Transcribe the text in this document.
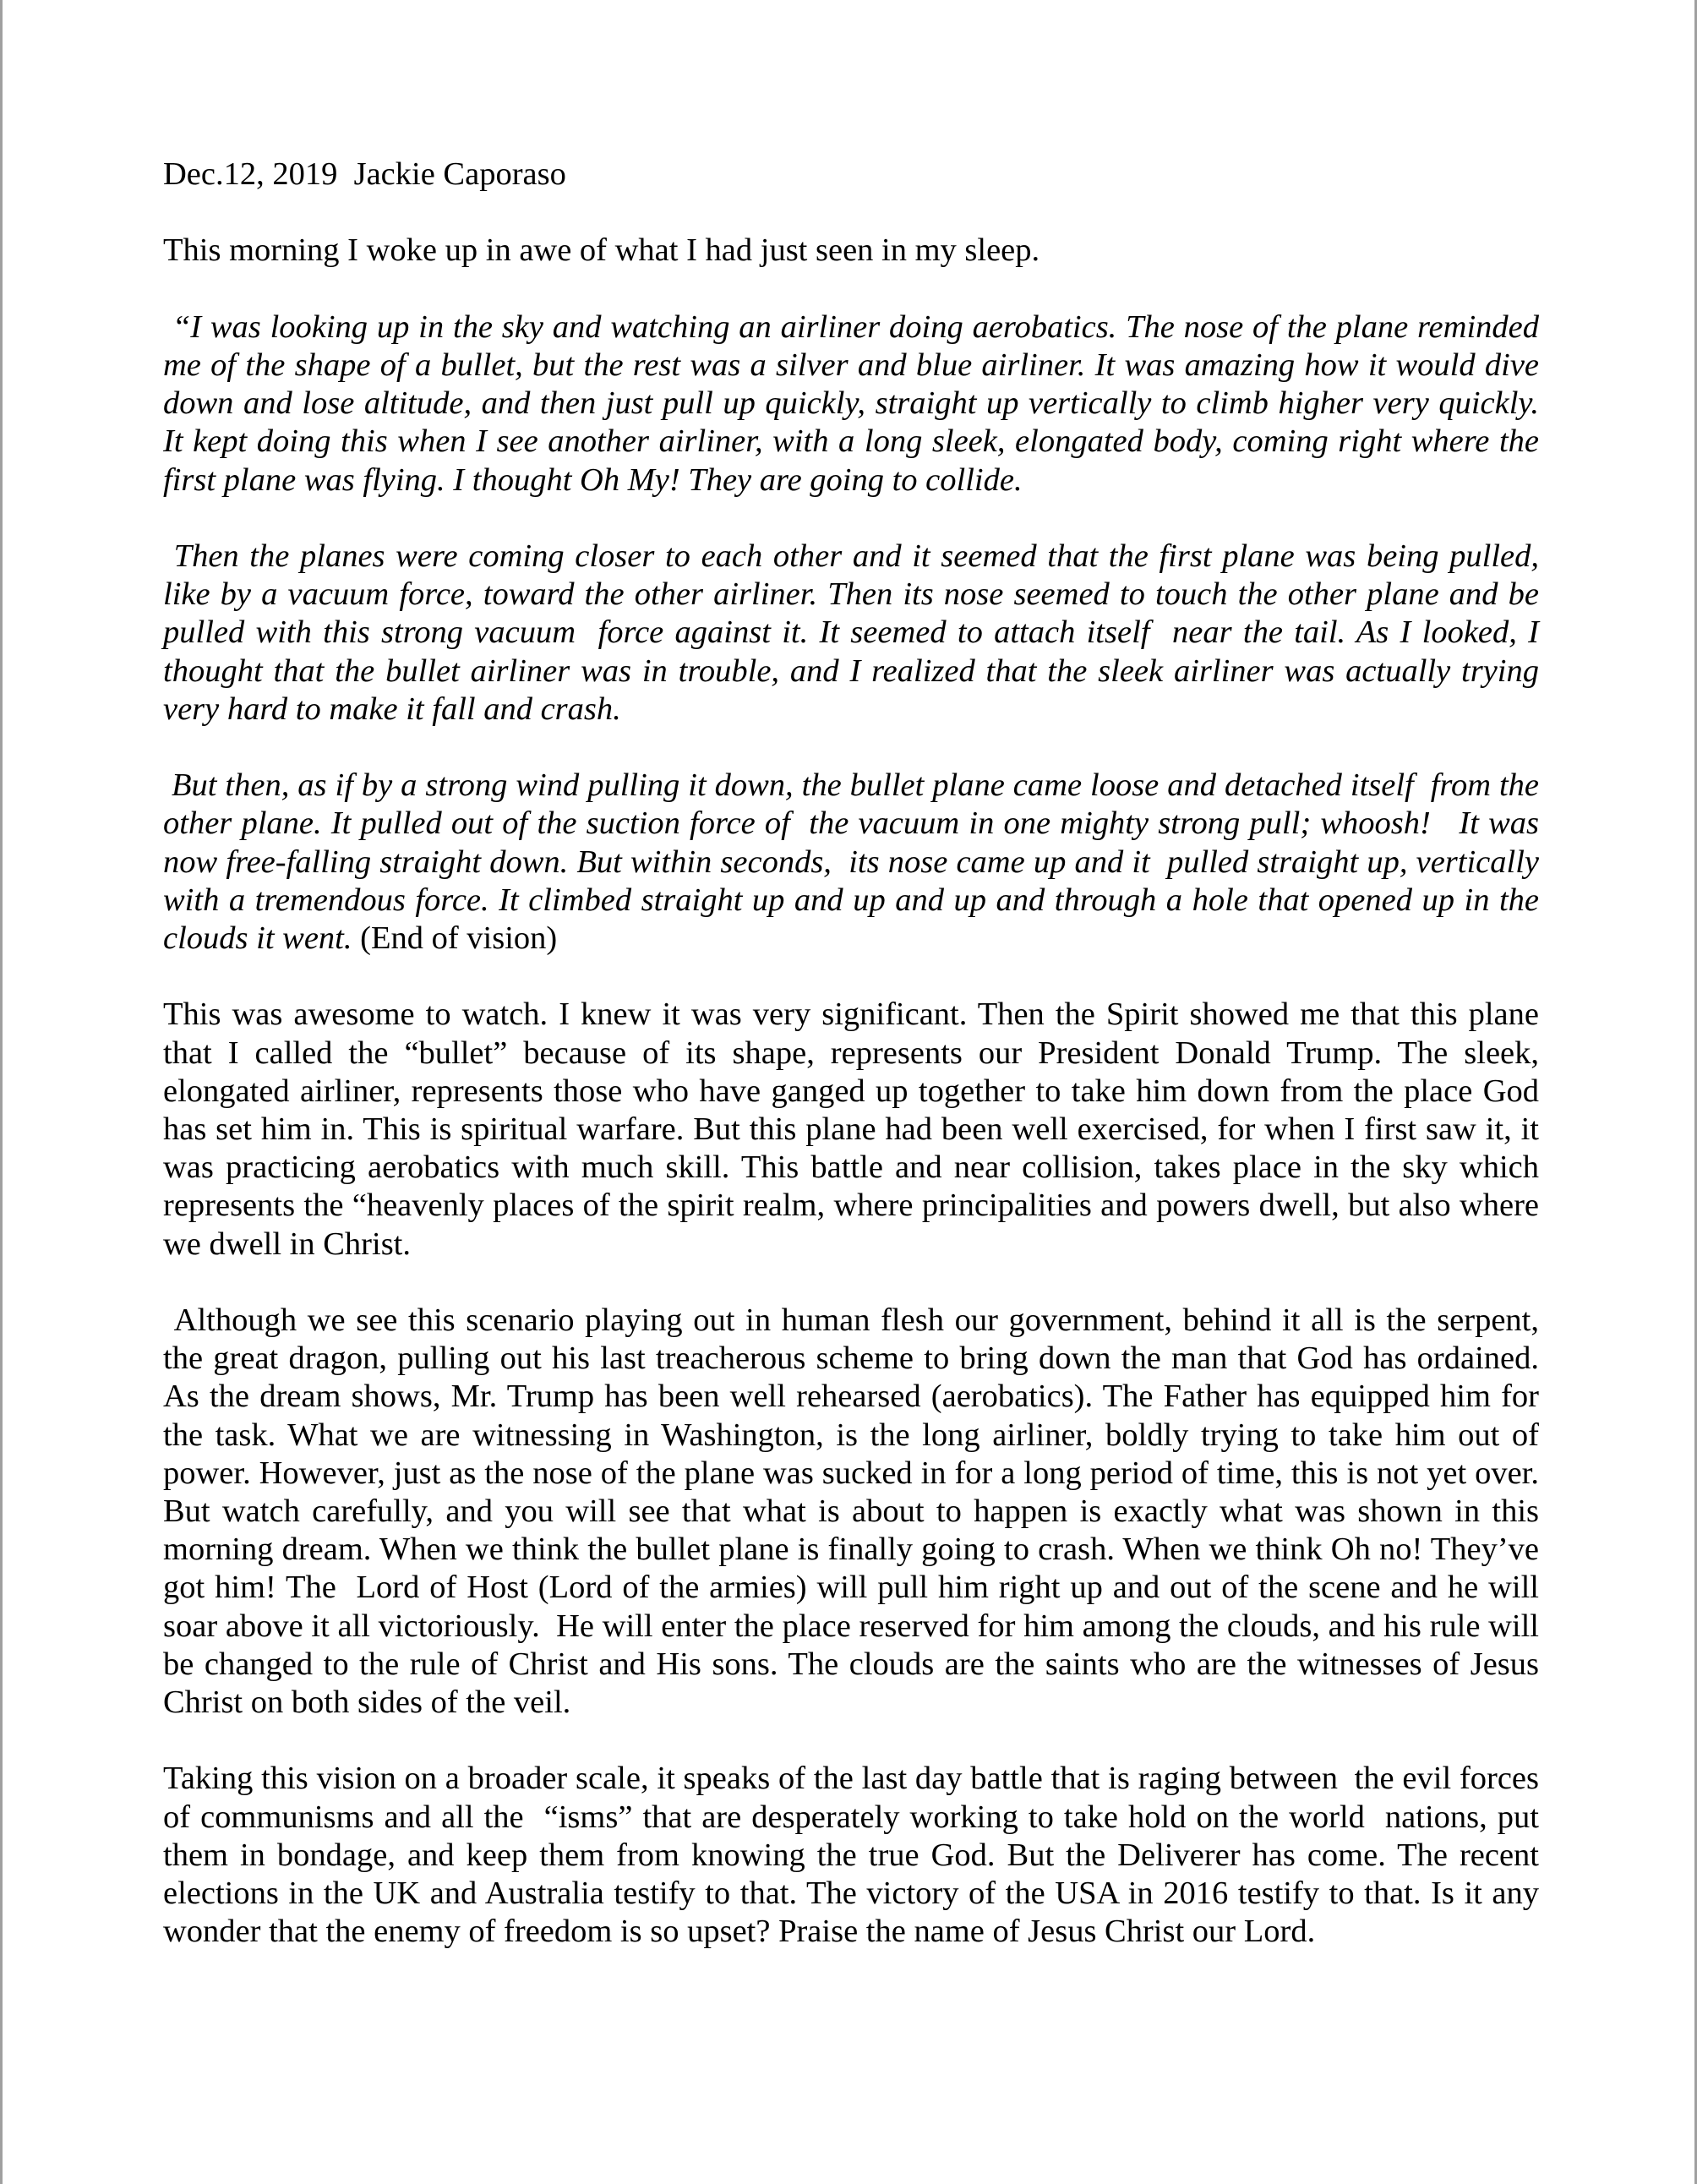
Dec.12, 2019  Jackie Caporaso

This morning I woke up in awe of what I had just seen in my sleep.

“I was looking up in the sky and watching an airliner doing aerobatics. The nose of the plane reminded me of the shape of a bullet, but the rest was a silver and blue airliner. It was amazing how it would dive down and lose altitude, and then just pull up quickly, straight up vertically to climb higher very quickly. It kept doing this when I see another airliner, with a long sleek, elongated body, coming right where the first plane was flying. I thought Oh My! They are going to collide.

Then the planes were coming closer to each other and it seemed that the first plane was being pulled, like by a vacuum force, toward the other airliner. Then its nose seemed to touch the other plane and be pulled with this strong vacuum  force against it. It seemed to attach itself  near the tail. As I looked, I thought that the bullet airliner was in trouble, and I realized that the sleek airliner was actually trying very hard to make it fall and crash.

But then, as if by a strong wind pulling it down, the bullet plane came loose and detached itself  from the other plane. It pulled out of the suction force of  the vacuum in one mighty strong pull; whoosh!   It was now free-falling straight down. But within seconds,  its nose came up and it  pulled straight up, vertically with a tremendous force. It climbed straight up and up and up and through a hole that opened up in the clouds it went. (End of vision)

This was awesome to watch. I knew it was very significant. Then the Spirit showed me that this plane that I called the “bullet” because of its shape, represents our President Donald Trump. The sleek, elongated airliner, represents those who have ganged up together to take him down from the place God has set him in. This is spiritual warfare. But this plane had been well exercised, for when I first saw it, it was practicing aerobatics with much skill. This battle and near collision, takes place in the sky which represents the “heavenly places of the spirit realm, where principalities and powers dwell, but also where we dwell in Christ.

Although we see this scenario playing out in human flesh our government, behind it all is the serpent, the great dragon, pulling out his last treacherous scheme to bring down the man that God has ordained. As the dream shows, Mr. Trump has been well rehearsed (aerobatics). The Father has equipped him for the task. What we are witnessing in Washington, is the long airliner, boldly trying to take him out of power. However, just as the nose of the plane was sucked in for a long period of time, this is not yet over. But watch carefully, and you will see that what is about to happen is exactly what was shown in this morning dream. When we think the bullet plane is finally going to crash. When we think Oh no! They’ve got him! The  Lord of Host (Lord of the armies) will pull him right up and out of the scene and he will soar above it all victoriously.  He will enter the place reserved for him among the clouds, and his rule will be changed to the rule of Christ and His sons. The clouds are the saints who are the witnesses of Jesus Christ on both sides of the veil.

Taking this vision on a broader scale, it speaks of the last day battle that is raging between  the evil forces of communisms and all the  “isms” that are desperately working to take hold on the world  nations, put them in bondage, and keep them from knowing the true God. But the Deliverer has come. The recent elections in the UK and Australia testify to that. The victory of the USA in 2016 testify to that. Is it any wonder that the enemy of freedom is so upset? Praise the name of Jesus Christ our Lord.
